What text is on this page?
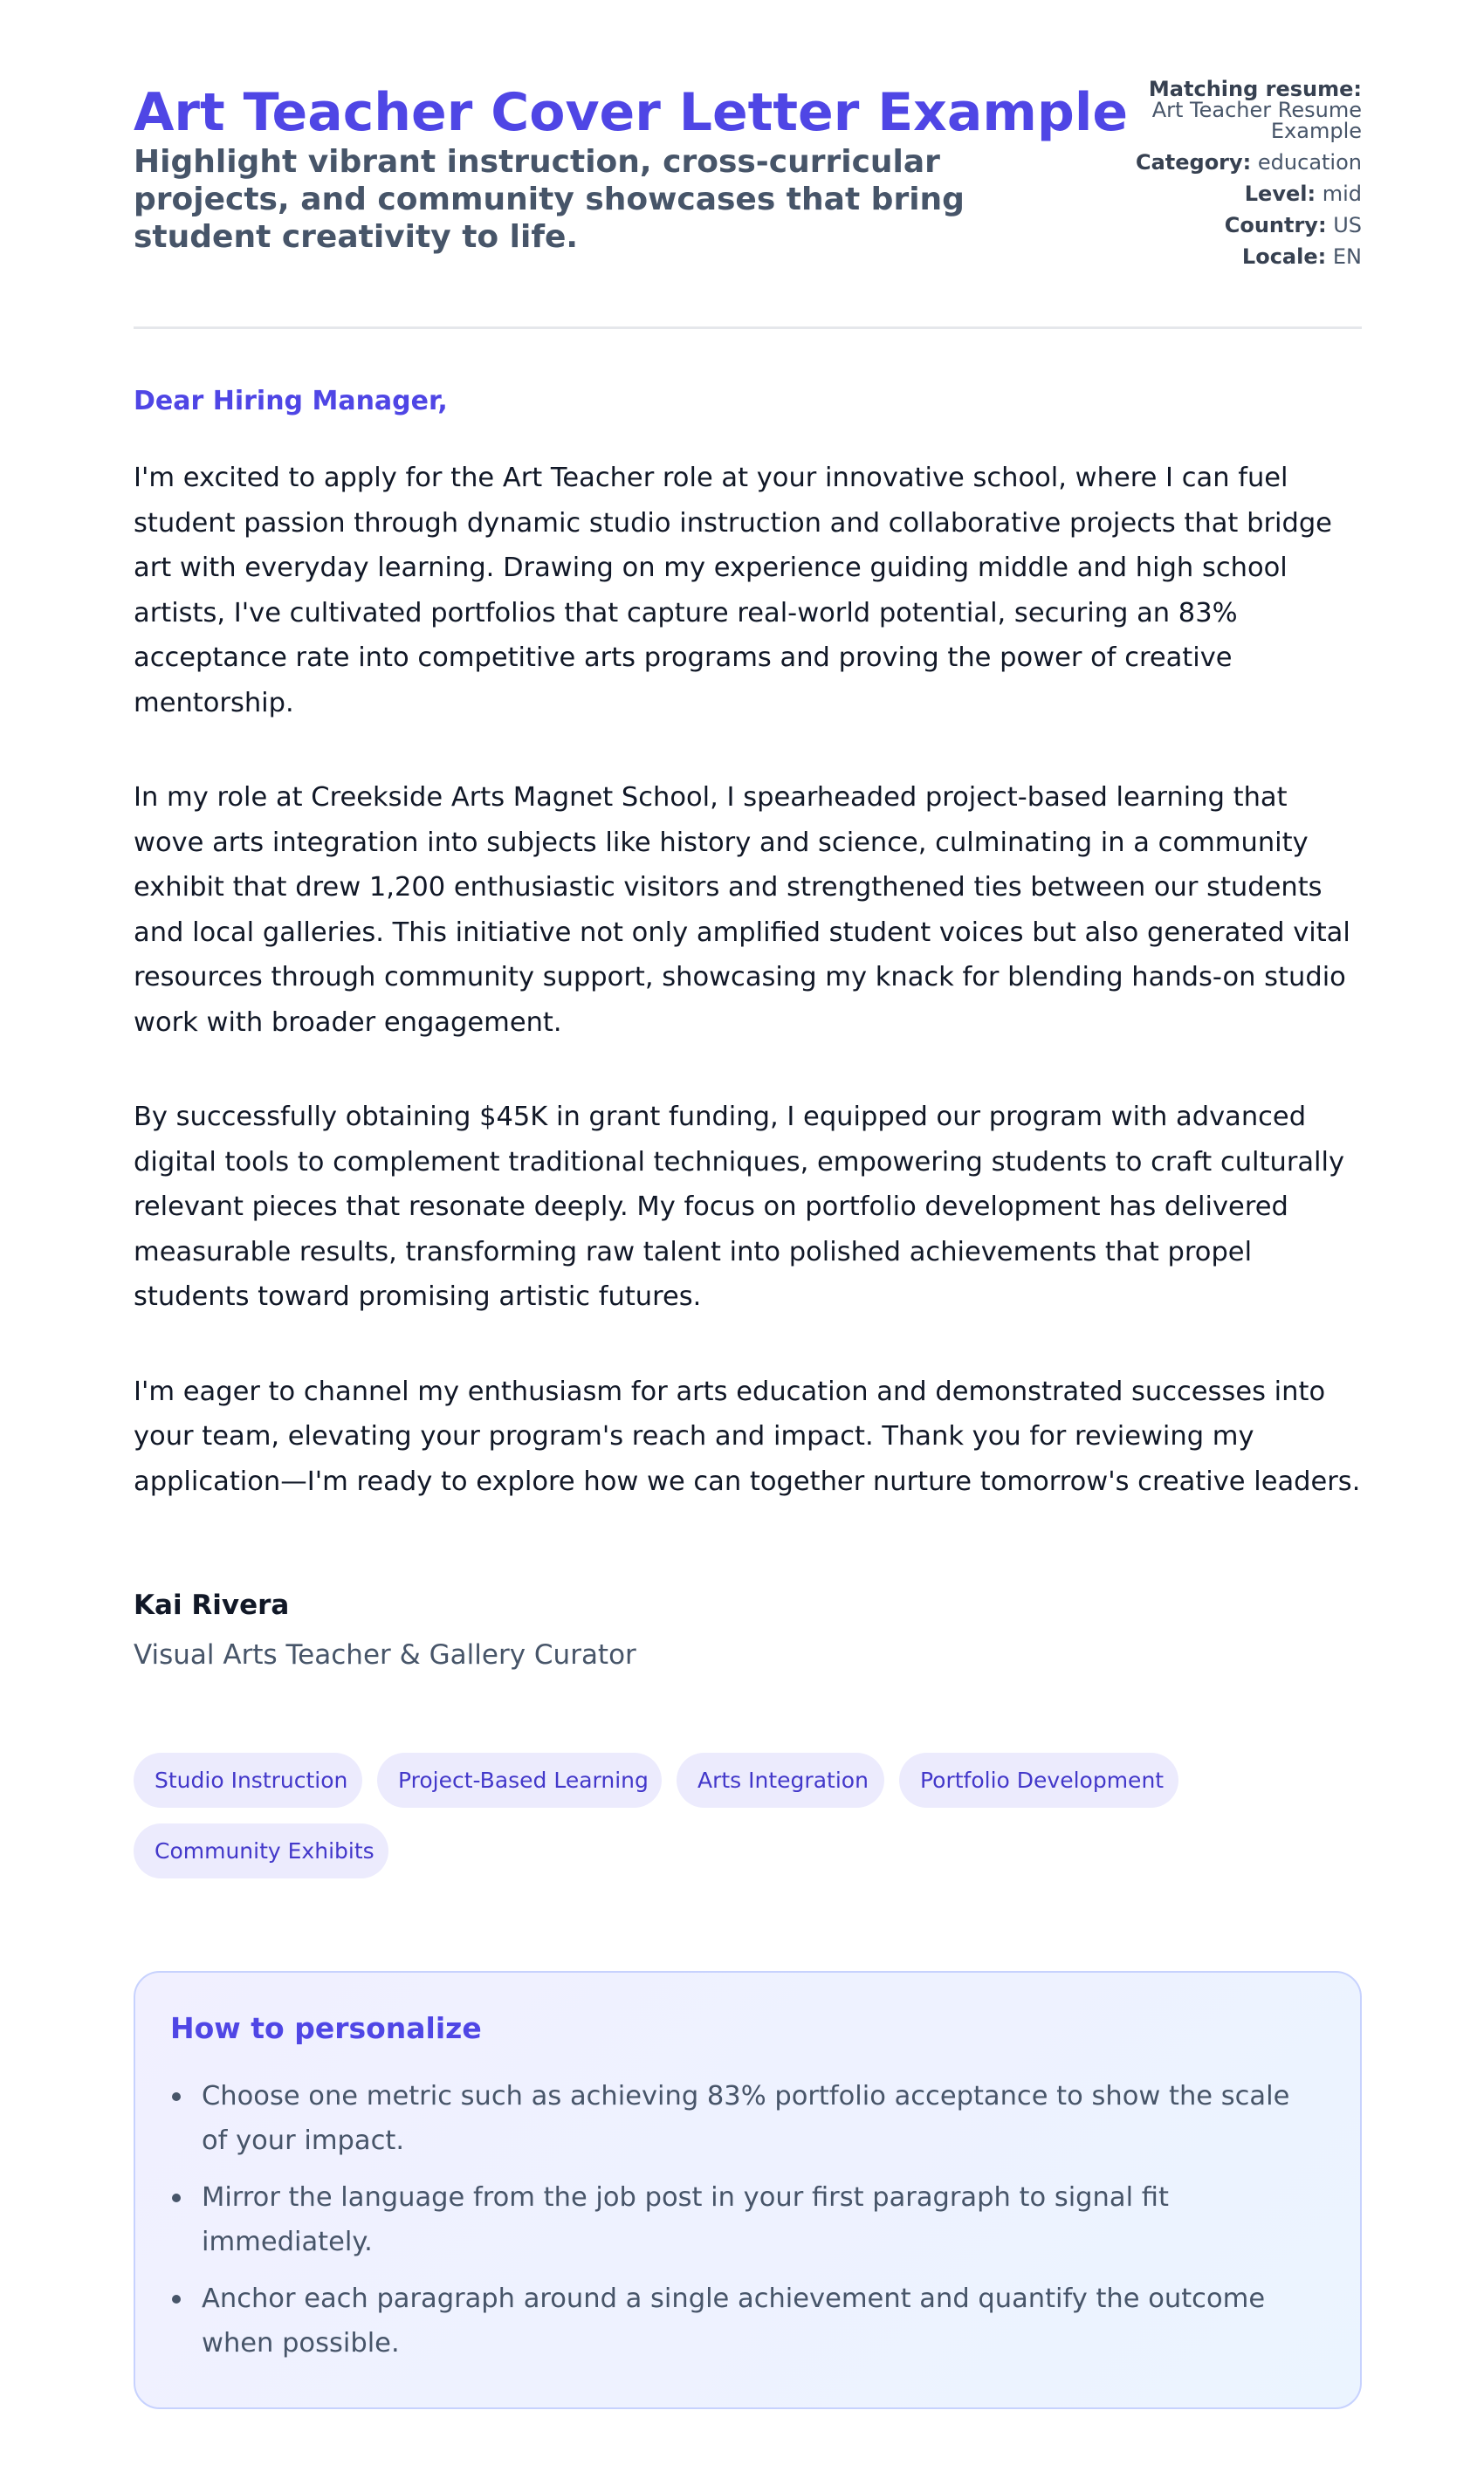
Art Teacher Cover Letter Example
Highlight vibrant instruction, cross-curricular projects, and community showcases that bring student creativity to life.
Matching resume:
Art Teacher Resume Example
Category: education
Level: mid
Country: US
Locale: EN

Dear Hiring Manager,

I'm excited to apply for the Art Teacher role at your innovative school, where I can fuel student passion through dynamic studio instruction and collaborative projects that bridge art with everyday learning. Drawing on my experience guiding middle and high school artists, I've cultivated portfolios that capture real-world potential, securing an 83% acceptance rate into competitive arts programs and proving the power of creative mentorship.

In my role at Creekside Arts Magnet School, I spearheaded project-based learning that wove arts integration into subjects like history and science, culminating in a community exhibit that drew 1,200 enthusiastic visitors and strengthened ties between our students and local galleries. This initiative not only amplified student voices but also generated vital resources through community support, showcasing my knack for blending hands-on studio work with broader engagement.

By successfully obtaining $45K in grant funding, I equipped our program with advanced digital tools to complement traditional techniques, empowering students to craft culturally relevant pieces that resonate deeply. My focus on portfolio development has delivered measurable results, transforming raw talent into polished achievements that propel students toward promising artistic futures.

I'm eager to channel my enthusiasm for arts education and demonstrated successes into your team, elevating your program's reach and impact. Thank you for reviewing my application—I'm ready to explore how we can together nurture tomorrow's creative leaders.

Kai Rivera

Visual Arts Teacher & Gallery Curator

Studio Instruction	Project-Based Learning	Arts Integration	Portfolio Development
Community Exhibits
How to personalize
Choose one metric such as achieving 83% portfolio acceptance to show the scale of your impact.
Mirror the language from the job post in your first paragraph to signal fit immediately.
Anchor each paragraph around a single achievement and quantify the outcome when possible.
